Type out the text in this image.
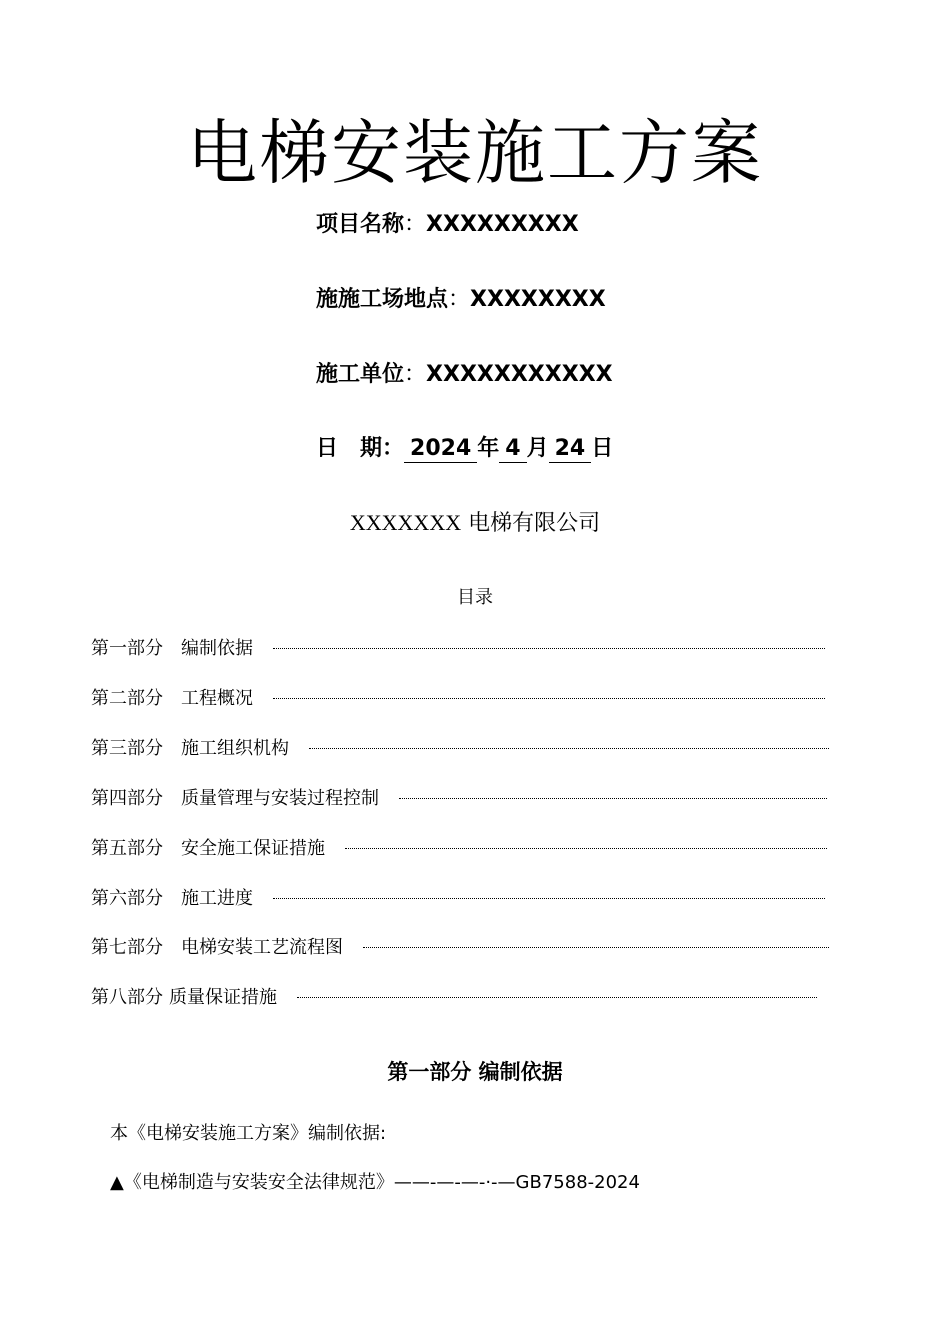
电梯安装施工方案
项目名称：XXXXXXXXX
施施工场地点：XXXXXXXX
施工单位：XXXXXXXXXXX
日　期： 2024 年 4 月 24 日
XXXXXXX 电梯有限公司
目录
第一部分 编制依据
第二部分 工程概况
第三部分 施工组织机构
第四部分 质量管理与安装过程控制
第五部分 安全施工保证措施
第六部分 施工进度
第七部分 电梯安装工艺流程图
第八部分 质量保证措施
第一部分 编制依据
本《电梯安装施工方案》编制依据:
▲《电梯制造与安装安全法律规范》——-—-—-·-—GB7588-2024
